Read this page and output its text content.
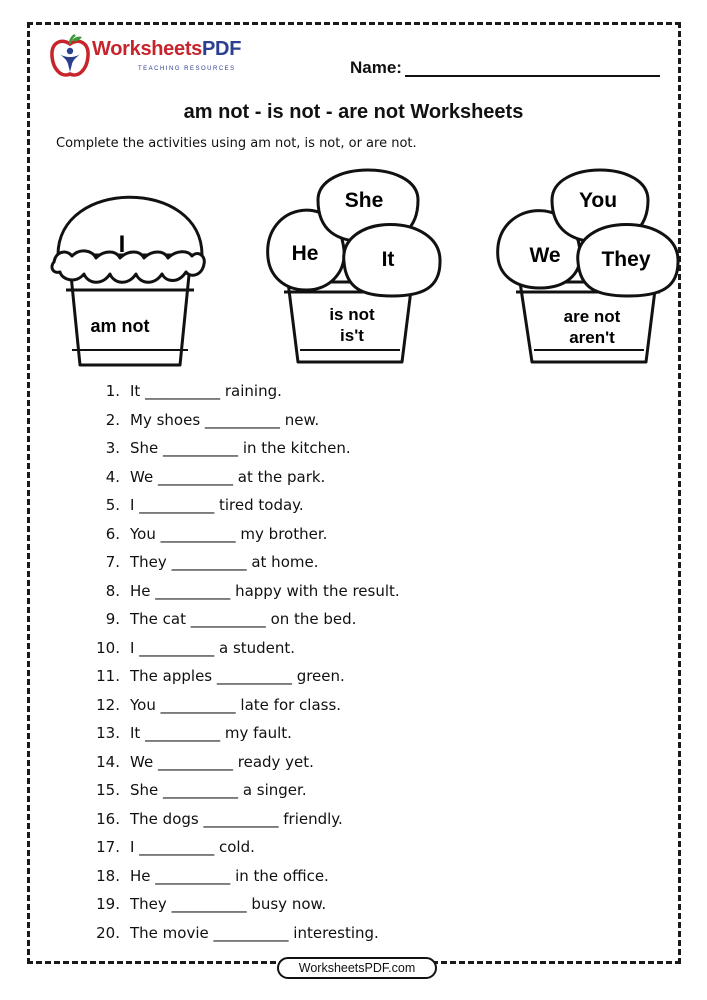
WorksheetsPDF
TEACHING RESOURCES	Name:
am not - is not - are not Worksheets
Complete the activities using am not, is not, or are not.
I
am not
He
She
It
is not
is't
We
You
They
are not
aren't
1. It __________ raining.
2. My shoes __________ new.
3. She __________ in the kitchen.
4. We __________ at the park.
5. I __________ tired today.
6. You __________ my brother.
7. They __________ at home.
8. He __________ happy with the result.
9. The cat __________ on the bed.
10. I __________ a student.
11. The apples __________ green.
12. You __________ late for class.
13. It __________ my fault.
14. We __________ ready yet.
15. She __________ a singer.
16. The dogs __________ friendly.
17. I __________ cold.
18. He __________ in the office.
19. They __________ busy now.
20. The movie __________ interesting.
WorksheetsPDF.com
